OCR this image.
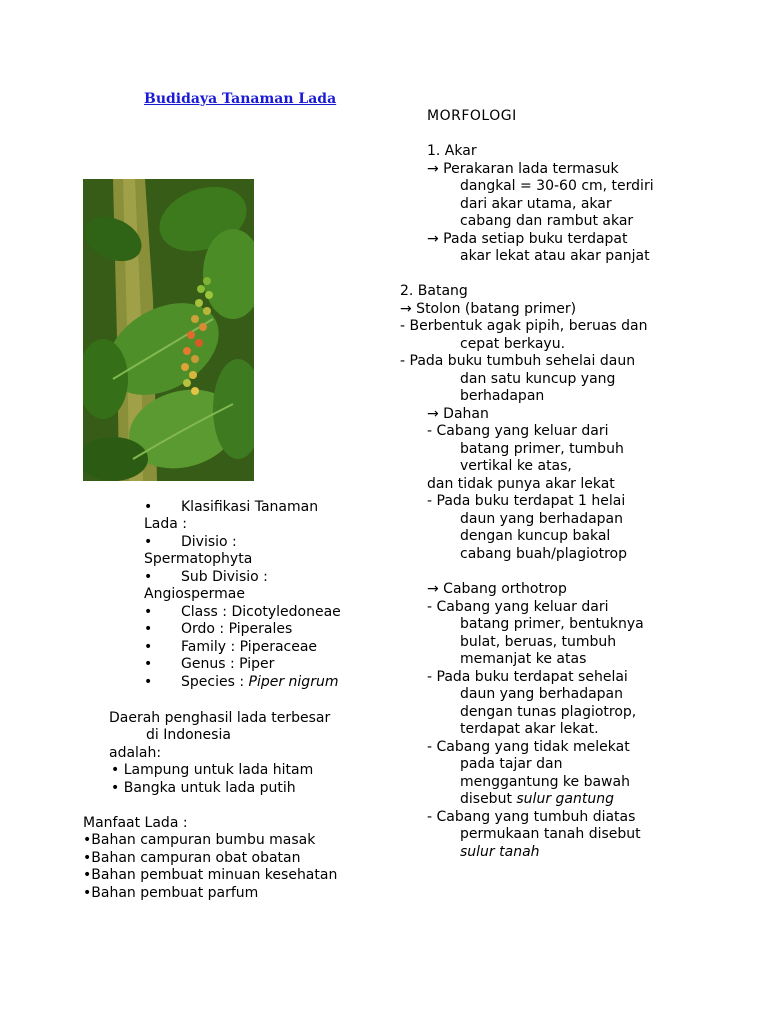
Budidaya Tanaman Lada
• Klasifikasi Tanaman
Lada :
• Divisio :
Spermatophyta
• Sub Divisio :
Angiospermae
• Class : Dicotyledoneae
• Ordo : Piperales
• Family : Piperaceae
• Genus : Piper
• Species : Piper nigrum
Daerah penghasil lada terbesar
di Indonesia
adalah:
• Lampung untuk lada hitam
• Bangka untuk lada putih
Manfaat Lada :
•Bahan campuran bumbu masak
•Bahan campuran obat obatan
•Bahan pembuat minuan kesehatan
•Bahan pembuat parfum
MORFOLOGI
1. Akar
→ Perakaran lada termasuk
dangkal = 30-60 cm, terdiri
dari akar utama, akar
cabang dan rambut akar
→ Pada setiap buku terdapat
akar lekat atau akar panjat
2. Batang
→ Stolon (batang primer)
- Berbentuk agak pipih, beruas dan
cepat berkayu.
- Pada buku tumbuh sehelai daun
dan satu kuncup yang
berhadapan
→ Dahan
- Cabang yang keluar dari
batang primer, tumbuh
vertikal ke atas,
dan tidak punya akar lekat
- Pada buku terdapat 1 helai
daun yang berhadapan
dengan kuncup bakal
cabang buah/plagiotrop
→ Cabang orthotrop
- Cabang yang keluar dari
batang primer, bentuknya
bulat, beruas, tumbuh
memanjat ke atas
- Pada buku terdapat sehelai
daun yang berhadapan
dengan tunas plagiotrop,
terdapat akar lekat.
- Cabang yang tidak melekat
pada tajar dan
menggantung ke bawah
disebut sulur gantung
- Cabang yang tumbuh diatas
permukaan tanah disebut
sulur tanah
